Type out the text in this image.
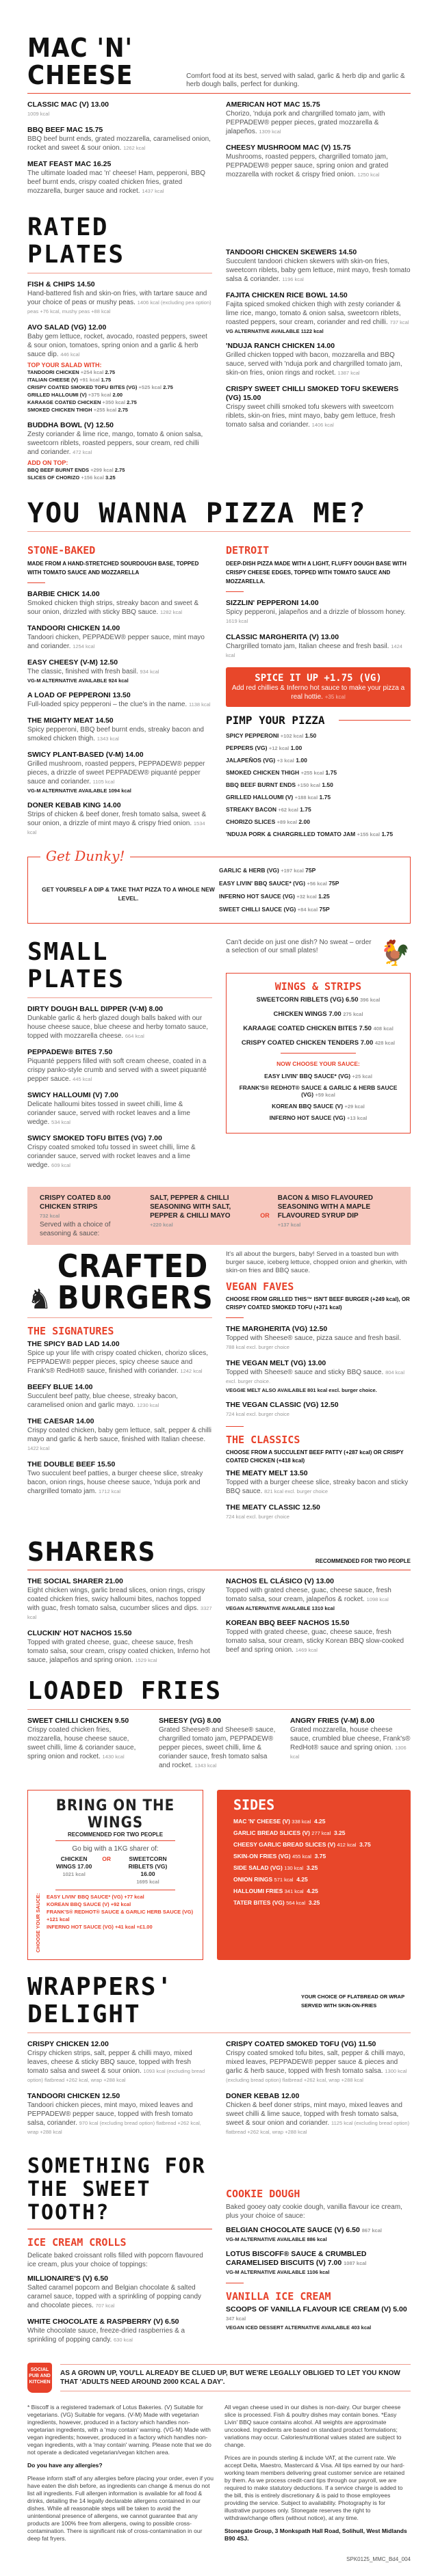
MAC 'N' CHEESE	Comfort food at its best, served with salad, garlic & herb dip and garlic & herb dough balls, perfect for dunking.
CLASSIC MAC (V) 13.00
1009 kcal
BBQ BEEF MAC 15.75
BBQ beef burnt ends, grated mozzarella, caramelised onion, rocket and sweet & sour onion. 1262 kcal
MEAT FEAST MAC 16.25
The ultimate loaded mac 'n' cheese! Ham, pepperoni, BBQ beef burnt ends, crispy coated chicken fries, grated mozzarella, burger sauce and rocket. 1437 kcal
AMERICAN HOT MAC 15.75
Chorizo, 'nduja pork and chargrilled tomato jam, with PEPPADEW® pepper pieces, grated mozzarella & jalapeños. 1309 kcal
CHEESY MUSHROOM MAC (V) 15.75
Mushrooms, roasted peppers, chargrilled tomato jam, PEPPADEW® pepper sauce, spring onion and grated mozzarella with rocket & crispy fried onion. 1250 kcal
RATED PLATES
FISH & CHIPS 14.50
Hand-battered fish and skin-on fries, with tartare sauce and your choice of peas or mushy peas. 1406 kcal (excluding pea option) peas +76 kcal, mushy peas +88 kcal
AVO SALAD (VG) 12.00
Baby gem lettuce, rocket, avocado, roasted peppers, sweet & sour onion, tomatoes, spring onion and a garlic & herb sauce dip. 446 kcal
TOP YOUR SALAD WITH:
TANDOORI CHICKEN +254 kcal 2.75
ITALIAN CHEESE (V) +91 kcal 1.75
CRISPY COATED SMOKED TOFU BITES (VG) +525 kcal 2.75
GRILLED HALLOUMI (V) +375 kcal 2.00
KARAAGE COATED CHICKEN +350 kcal 2.75
SMOKED CHICKEN THIGH +255 kcal 2.75
BUDDHA BOWL (V) 12.50
Zesty coriander & lime rice, mango, tomato & onion salsa, sweetcorn riblets, roasted peppers, sour cream, red chilli and coriander. 472 kcal
ADD ON TOP:
BBQ BEEF BURNT ENDS +299 kcal 2.75
SLICES OF CHORIZO +156 kcal 3.25
TANDOORI CHICKEN SKEWERS 14.50
Succulent tandoori chicken skewers with skin-on fries, sweetcorn riblets, baby gem lettuce, mint mayo, fresh tomato salsa & coriander. 1196 kcal
FAJITA CHICKEN RICE BOWL 14.50
Fajita spiced smoked chicken thigh with zesty coriander & lime rice, mango, tomato & onion salsa, sweetcorn riblets, roasted peppers, sour cream, coriander and red chilli. 737 kcal
VG ALTERNATIVE AVAILABLE 1122 kcal
'NDUJA RANCH CHICKEN 14.00
Grilled chicken topped with bacon, mozzarella and BBQ sauce, served with 'nduja pork and chargrilled tomato jam, skin-on fries, onion rings and rocket. 1387 kcal
CRISPY SWEET CHILLI SMOKED TOFU SKEWERS (VG) 15.00
Crispy sweet chilli smoked tofu skewers with sweetcorn riblets, skin-on fries, mint mayo, baby gem lettuce, fresh tomato salsa and coriander. 1406 kcal
YOU WANNA PIZZA ME?
STONE-BAKED
MADE FROM A HAND-STRETCHED SOURDOUGH BASE, TOPPED WITH TOMATO SAUCE AND MOZZARELLA
BARBIE CHICK 14.00
Smoked chicken thigh strips, streaky bacon and sweet & sour onion, drizzled with sticky BBQ sauce. 1282 kcal
TANDOORI CHICKEN 14.00
Tandoori chicken, PEPPADEW® pepper sauce, mint mayo and coriander. 1254 kcal
EASY CHEESY (V-M) 12.50
The classic, finished with fresh basil. 934 kcal
VG-M ALTERNATIVE AVAILABLE 924 kcal
A LOAD OF PEPPERONI 13.50
Full-loaded spicy pepperoni – the clue's in the name. 1138 kcal
THE MIGHTY MEAT 14.50
Spicy pepperoni, BBQ beef burnt ends, streaky bacon and smoked chicken thigh. 1343 kcal
SWICY PLANT-BASED (V-M) 14.00
Grilled mushroom, roasted peppers, PEPPADEW® pepper pieces, a drizzle of sweet PEPPADEW® piquanté pepper sauce and coriander. 1105 kcal
VG-M ALTERNATIVE AVAILABLE 1094 kcal
DONER KEBAB KING 14.00
Strips of chicken & beef doner, fresh tomato salsa, sweet & sour onion, a drizzle of mint mayo & crispy fried onion. 1534 kcal
DETROIT
DEEP-DISH PIZZA MADE WITH A LIGHT, FLUFFY DOUGH BASE WITH CRISPY CHEESE EDGES, TOPPED WITH TOMATO SAUCE AND MOZZARELLA.
SIZZLIN' PEPPERONI 14.00
Spicy pepperoni, jalapeños and a drizzle of blossom honey. 1619 kcal
CLASSIC MARGHERITA (V) 13.00
Chargrilled tomato jam, Italian cheese and fresh basil. 1424 kcal
SPICE IT UP +1.75 (VG)
Add red chillies & Inferno hot sauce to make your pizza a real hottie. +35 kcal
PIMP YOUR PIZZA
SPICY PEPPERONI +102 kcal 1.50
PEPPERS (VG) +12 kcal 1.00
JALAPEÑOS (VG) +3 kcal 1.00
SMOKED CHICKEN THIGH +255 kcal 1.75
BBQ BEEF BURNT ENDS +150 kcal 1.50
GRILLED HALLOUMI (V) +188 kcal 1.75
STREAKY BACON +62 kcal 1.75
CHORIZO SLICES +89 kcal 2.00
'NDUJA PORK & CHARGRILLED TOMATO JAM +155 kcal 1.75
Get Dunky!
GET YOURSELF A DIP & TAKE THAT PIZZA TO A WHOLE NEW LEVEL.
GARLIC & HERB (VG) +197 kcal 75P
EASY LIVIN' BBQ SAUCE* (VG) +56 kcal 75P
INFERNO HOT SAUCE (VG) +32 kcal 1.25
SWEET CHILLI SAUCE (VG) +84 kcal 75P
SMALL PLATES
DIRTY DOUGH BALL DIPPER (V-M) 8.00
Dunkable garlic & herb glazed dough balls baked with our house cheese sauce, blue cheese and herby tomato sauce, topped with mozzarella cheese. 664 kcal
PEPPADEW® BITES 7.50
Piquanté peppers filled with soft cream cheese, coated in a crispy panko-style crumb and served with a sweet piquanté pepper sauce. 445 kcal
SWICY HALLOUMI (V) 7.00
Delicate halloumi bites tossed in sweet chilli, lime & coriander sauce, served with rocket leaves and a lime wedge. 534 kcal
SWICY SMOKED TOFU BITES (VG) 7.00
Crispy coated smoked tofu tossed in sweet chilli, lime & coriander sauce, served with rocket leaves and a lime wedge. 609 kcal
Can't decide on just one dish? No sweat – order a selection of our small plates!	🐓
WINGS & STRIPS
SWEETCORN RIBLETS (VG) 6.50 396 kcal
CHICKEN WINGS 7.00 275 kcal
KARAAGE COATED CHICKEN BITES 7.50 408 kcal
CRISPY COATED CHICKEN TENDERS 7.00 428 kcal
NOW CHOOSE YOUR SAUCE:
EASY LIVIN' BBQ SAUCE* (VG) +25 kcal
FRANK'S® REDHOT® SAUCE & GARLIC & HERB SAUCE (VG) +59 kcal
KOREAN BBQ SAUCE (V) +29 kcal
INFERNO HOT SAUCE (VG) +13 kcal
CRISPY COATED 8.00 CHICKEN STRIPS
732 kcal
Served with a choice of seasoning & sauce:
SALT, PEPPER & CHILLI SEASONING WITH SALT, PEPPER & CHILLI MAYO
+220 kcal
OR
BACON & MISO FLAVOURED SEASONING WITH A MAPLE FLAVOURED SYRUP DIP
+137 kcal
♞
CRAFTED
BURGERS
THE SIGNATURES
THE SPICY BAD LAD 14.00
Spice up your life with crispy coated chicken, chorizo slices, PEPPADEW® pepper pieces, spicy cheese sauce and Frank's® RedHot® sauce, finished with coriander. 1242 kcal
BEEFY BLUE 14.00
Succulent beef patty, blue cheese, streaky bacon, caramelised onion and garlic mayo. 1230 kcal
THE CAESAR 14.00
Crispy coated chicken, baby gem lettuce, salt, pepper & chilli mayo and garlic & herb sauce, finished with Italian cheese. 1422 kcal
THE DOUBLE BEEF 15.50
Two succulent beef patties, a burger cheese slice, streaky bacon, onion rings, house cheese sauce, 'nduja pork and chargrilled tomato jam. 1712 kcal
It's all about the burgers, baby! Served in a toasted bun with burger sauce, iceberg lettuce, chopped onion and gherkin, with skin-on fries and BBQ sauce.
VEGAN FAVES
CHOOSE FROM GRILLED THIS™ ISN'T BEEF BURGER (+249 kcal), OR CRISPY COATED SMOKED TOFU (+371 kcal)
THE MARGHERITA (VG) 12.50
Topped with Sheese® sauce, pizza sauce and fresh basil. 788 kcal excl. burger choice
THE VEGAN MELT (VG) 13.00
Topped with Sheese® sauce and sticky BBQ sauce. 804 kcal excl. burger choice.
VEGGIE MELT ALSO AVAILABLE 801 kcal excl. burger choice.
THE VEGAN CLASSIC (VG) 12.50
724 kcal excl. burger choice
THE CLASSICS
CHOOSE FROM A SUCCULENT BEEF PATTY (+287 kcal) OR CRISPY COATED CHICKEN (+418 kcal)
THE MEATY MELT 13.50
Topped with a burger cheese slice, streaky bacon and sticky BBQ sauce. 821 kcal excl. burger choice
THE MEATY CLASSIC 12.50
724 kcal excl. burger choice
SHARERS	RECOMMENDED FOR TWO PEOPLE
THE SOCIAL SHARER 21.00
Eight chicken wings, garlic bread slices, onion rings, crispy coated chicken fries, swicy halloumi bites, nachos topped with guac, fresh tomato salsa, cucumber slices and dips. 3327 kcal
CLUCKIN' HOT NACHOS 15.50
Topped with grated cheese, guac, cheese sauce, fresh tomato salsa, sour cream, crispy coated chicken, Inferno hot sauce, jalapeños and spring onion. 1529 kcal
NACHOS EL CLÁSICO (V) 13.00
Topped with grated cheese, guac, cheese sauce, fresh tomato salsa, sour cream, jalapeños & rocket. 1098 kcal
VEGAN ALTERNATIVE AVAILABLE 1310 kcal
KOREAN BBQ BEEF NACHOS 15.50
Topped with grated cheese, guac, cheese sauce, fresh tomato salsa, sour cream, sticky Korean BBQ slow-cooked beef and spring onion. 1469 kcal
LOADED FRIES
SWEET CHILLI CHICKEN 9.50
Crispy coated chicken fries, mozzarella, house cheese sauce, sweet chilli, lime & coriander sauce, spring onion and rocket. 1430 kcal
SHEESY (VG) 8.00
Grated Sheese® and Sheese® sauce, chargrilled tomato jam, PEPPADEW® pepper pieces, sweet chilli, lime & coriander sauce, fresh tomato salsa and rocket. 1343 kcal
ANGRY FRIES (V-M) 8.00
Grated mozzarella, house cheese sauce, crumbled blue cheese, Frank's® RedHot® sauce and spring onion. 1306 kcal
BRING ON THE WINGS
RECOMMENDED FOR TWO PEOPLE
Go big with a 1KG sharer of:
CHICKEN WINGS 17.00
1021 kcal
OR	SWEETCORN RIBLETS (VG) 16.00
1695 kcal
CHOOSE YOUR SAUCE: EASY LIVIN' BBQ SAUCE* (VG) +77 kcal
KOREAN BBQ SAUCE (V) +92 kcal
FRANK'S® REDHOT® SAUCE & GARLIC HERB SAUCE (VG) +121 kcal
INFERNO HOT SAUCE (VG) +41 kcal +£1.00
SIDES
MAC 'N' CHEESE (V) 338 kcal 4.25
GARLIC BREAD SLICES (V) 277 kcal 3.25
CHEESY GARLIC BREAD SLICES (V) 412 kcal 3.75
SKIN-ON FRIES (VG) 455 kcal 3.75
SIDE SALAD (VG) 130 kcal 3.25
ONION RINGS 571 kcal 4.25
HALLOUMI FRIES 341 kcal 4.25
TATER BITES (VG) 564 kcal 3.25
WRAPPERS' DELIGHT
YOUR CHOICE OF FLATBREAD OR WRAP SERVED WITH SKIN-ON-FRIES
CRISPY CHICKEN 12.00
Crispy chicken strips, salt, pepper & chilli mayo, mixed leaves, cheese & sticky BBQ sauce, topped with fresh tomato salsa and sweet & sour onion. 1093 kcal (excluding bread option) flatbread +262 kcal, wrap +288 kcal
TANDOORI CHICKEN 12.50
Tandoori chicken pieces, mint mayo, mixed leaves and PEPPADEW® pepper sauce, topped with fresh tomato salsa, coriander. 970 kcal (excluding bread option) flatbread +262 kcal, wrap +288 kcal
CRISPY COATED SMOKED TOFU (VG) 11.50
Crispy coated smoked tofu bites, salt, pepper & chilli mayo, mixed leaves, PEPPADEW® pepper sauce & pieces and garlic & herb sauce, topped with fresh tomato salsa. 1300 kcal (excluding bread option) flatbread +262 kcal, wrap +288 kcal
DONER KEBAB 12.00
Chicken & beef doner strips, mint mayo, mixed leaves and sweet chilli & lime sauce, topped with fresh tomato salsa, sweet & sour onion and coriander. 1125 kcal (excluding bread option) flatbread +262 kcal, wrap +288 kcal
SOMETHING FOR THE SWEET TOOTH?
ICE CREAM CROLLS
Delicate baked croissant rolls filled with popcorn flavoured ice cream, plus your choice of toppings:
MILLIONAIRE'S (V) 6.50
Salted caramel popcorn and Belgian chocolate & salted caramel sauce, topped with a sprinkling of popping candy and chocolate pieces. 707 kcal
WHITE CHOCOLATE & RASPBERRY (V) 6.50
White chocolate sauce, freeze-dried raspberries & a sprinkling of popping candy. 630 kcal
COOKIE DOUGH
Baked gooey oaty cookie dough, vanilla flavour ice cream, plus your choice of sauce:
BELGIAN CHOCOLATE SAUCE (V) 6.50 867 kcal
VG-M ALTERNATIVE AVAILABLE 886 kcal
LOTUS BISCOFF® SAUCE & CRUMBLED CARAMELISED BISCUITS (V) 7.00 1087 kcal
VG-M ALTERNATIVE AVAILABLE 1106 kcal
VANILLA ICE CREAM
SCOOPS OF VANILLA FLAVOUR ICE CREAM (V) 5.00 347 kcal
VEGAN ICED DESSERT ALTERNATIVE AVAILABLE 403 kcal
SOCIAL PUB AND KITCHEN
AS A GROWN UP, YOU'LL ALREADY BE CLUED UP, BUT WE'RE LEGALLY OBLIGED TO LET YOU KNOW THAT 'ADULTS NEED AROUND 2000 KCAL A DAY'.

* Biscoff is a registered trademark of Lotus Bakeries. (V) Suitable for vegetarians. (VG) Suitable for vegans. (V-M) Made with vegetarian ingredients, however, produced in a factory which handles non-vegetarian ingredients, with a 'may contain' warning. (VG-M) Made with vegan ingredients; however, produced in a factory which handles non-vegan ingredients, with a 'may contain' warning. Please note that we do not operate a dedicated vegetarian/vegan kitchen area.

Do you have any allergies?

Please inform staff of any allergies before placing your order, even if you have eaten the dish before, as ingredients can change & menus do not list all ingredients. Full allergen information is available for all food & drinks, detailing the 14 legally declarable allergens contained in our dishes. While all reasonable steps will be taken to avoid the unintentional presence of allergens, we cannot guarantee that any products are 100% free from allergens, owing to possible cross-contamination. There is significant risk of cross-contamination in our deep fat fryers.

All vegan cheese used in our dishes is non-dairy. Our burger cheese slice is processed. Fish & poultry dishes may contain bones. *Easy Livin' BBQ sauce contains alcohol. All weights are approximate uncooked. Ingredients are based on standard product formulations; variations may occur. Calories/nutritional values stated are subject to change.

Prices are in pounds sterling & include VAT, at the current rate. We accept Delta, Maestro, Mastercard & Visa. All tips earned by our hard-working team members delivering great customer service are retained by them. As we process credit-card tips through our payroll, we are required to make statutory deductions. If a service charge is added to the bill, this is entirely discretionary & is paid to those employees providing the service. Subject to availability. Photography is for illustrative purposes only. Stonegate reserves the right to withdraw/change offers (without notice), at any time.

Stonegate Group, 3 Monkspath Hall Road, Solihull, West Midlands B90 4SJ.

SPK0125_MMC_Bd4_004
